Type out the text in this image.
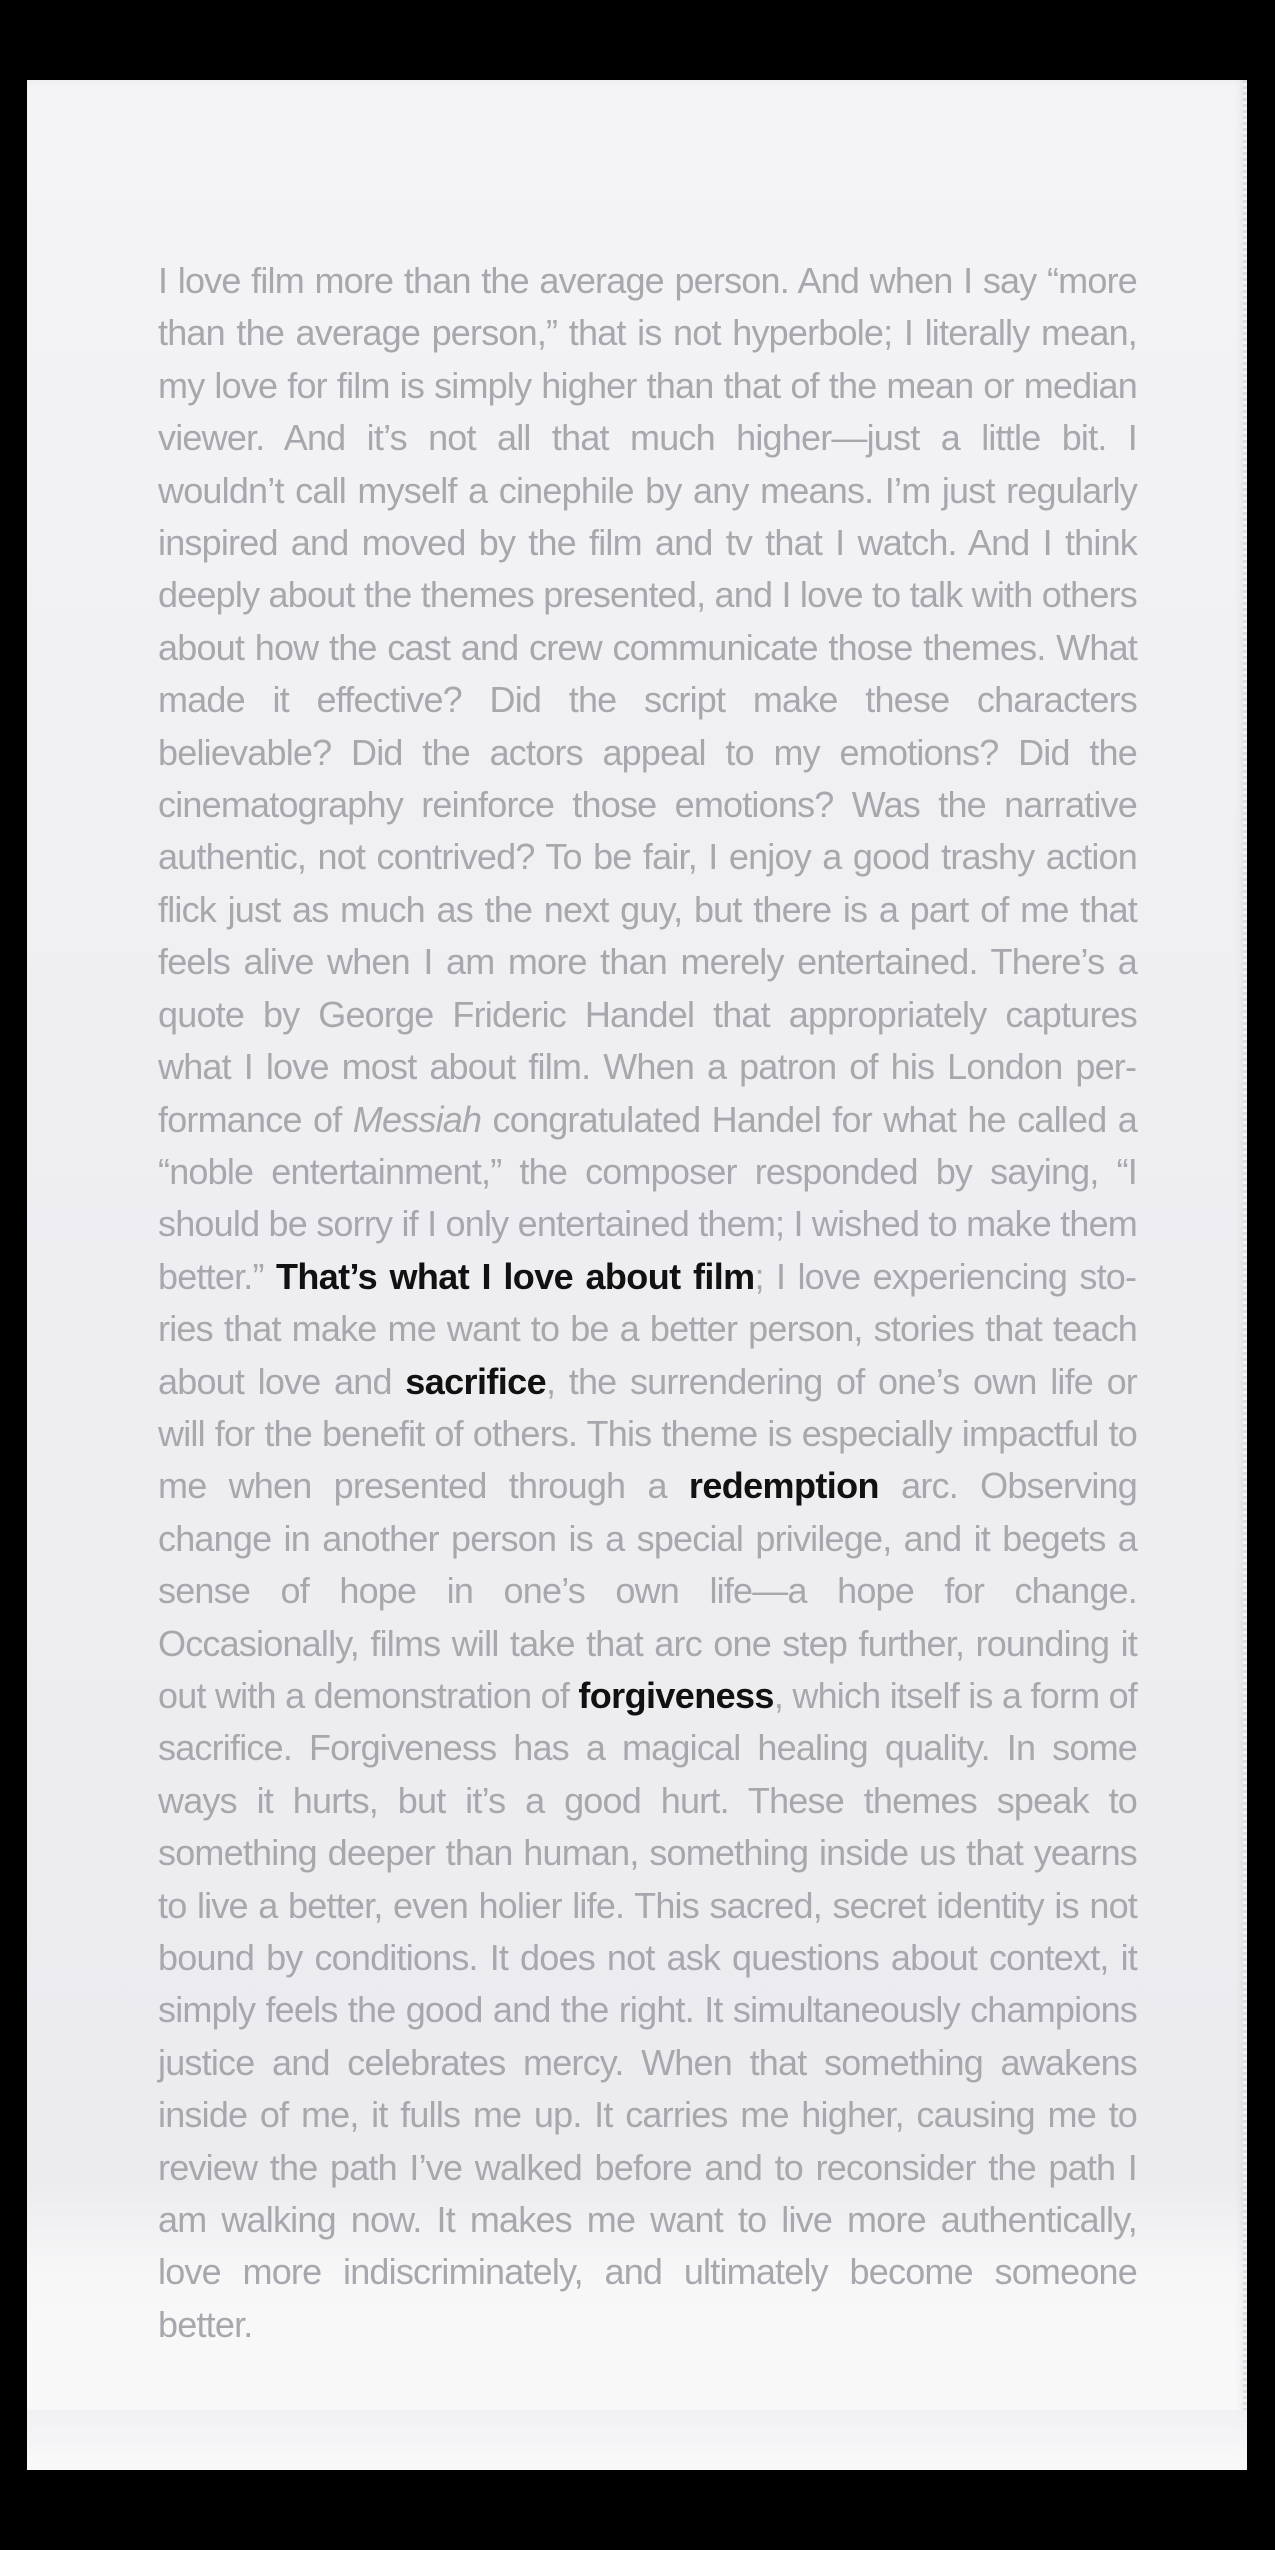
I love film more than the average person. And when I say “more than the average person,” that is not hyperbole; I literally mean, my love for film is simply higher than that of the mean or median viewer. And it’s not all that much higher—just a little bit. I wouldn’t call myself a cinephile by any means. I’m just regularly inspired and moved by the film and tv that I watch. And I think deeply about the themes presented, and I love to talk with others about how the cast and crew communicate those themes. What made it effective? Did the script make these characters believable? Did the actors appeal to my emotions? Did the cinematography reinforce those emotions? Was the narrative authentic, not contrived? To be fair, I enjoy a good trashy action flick just as much as the next guy, but there is a part of me that feels alive when I am more than merely entertained. There’s a quote by George Frideric Handel that appropriately captures what I love most about film. When a patron of his London performance of Messiah congratulated Handel for what he called a “noble entertainment,” the composer responded by saying, “I should be sorry if I only entertained them; I wished to make them better.” That’s what I love about film; I love experiencing stories that make me want to be a better person, stories that teach about love and sacrifice, the surrendering of one’s own life or will for the benefit of others. This theme is especially impactful to me when presented through a redemption arc. Observing change in another person is a special privilege, and it begets a sense of hope in one’s own life—a hope for change. Occasionally, films will take that arc one step further, rounding it out with a demonstration of forgiveness, which itself is a form of sacrifice. Forgiveness has a magical healing quality. In some ways it hurts, but it’s a good hurt. These themes speak to something deeper than human, something inside us that yearns to live a better, even holier life. This sacred, secret identity is not bound by conditions. It does not ask questions about context, it simply feels the good and the right. It simultaneously champions justice and celebrates mercy. When that something awakens inside of me, it fulls me up. It carries me higher, causing me to review the path I’ve walked before and to reconsider the path I am walking now. It makes me want to live more authentically, love more indiscriminately, and ultimately become someone better.
